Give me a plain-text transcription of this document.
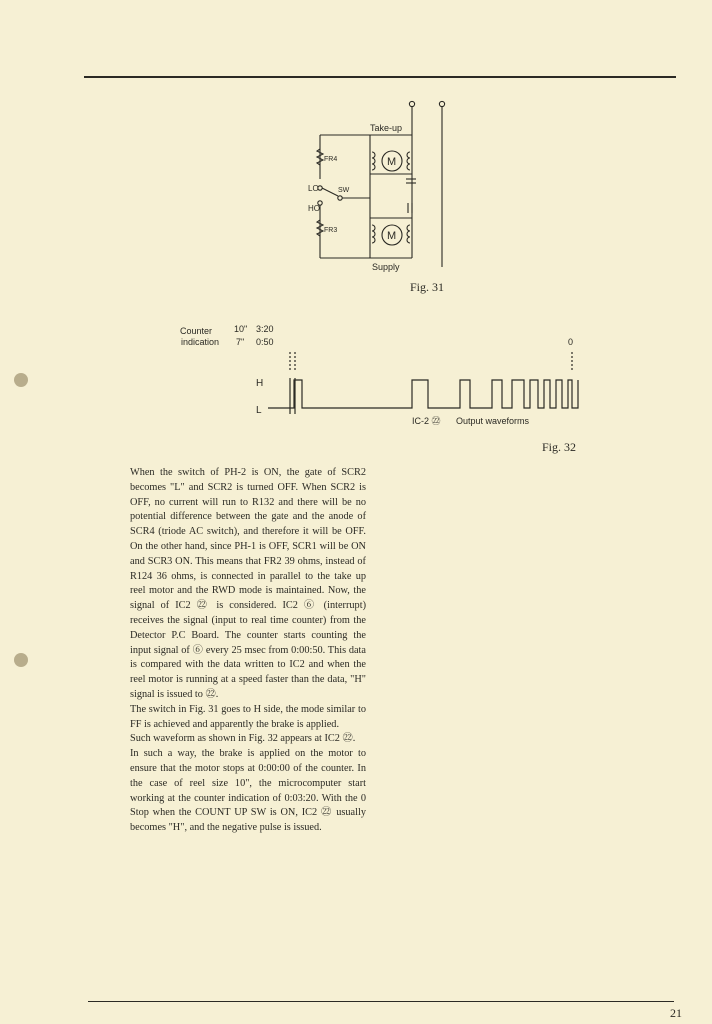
Take-up
FR4
LO	SW
HO
FR3
Supply
M
M
Fig. 31
Counter
indication
10" 3:20
7" 0:50	0
H
L
IC-2 ㉒ Output waveforms
Fig. 32

When the switch of PH-2 is ON, the gate of SCR2 becomes "L" and SCR2 is turned OFF. When SCR2 is OFF, no current will run to R132 and there will be no potential difference between the gate and the anode of SCR4 (triode AC switch), and therefore it will be OFF. On the other hand, since PH-1 is OFF, SCR1 will be ON and SCR3 ON. This means that FR2 39 ohms, instead of R124 36 ohms, is connected in parallel to the take up reel motor and the RWD mode is maintained. Now, the signal of IC2 ㉒ is considered. IC2 ⑥ (interrupt) receives the signal (input to real time counter) from the Detector P.C Board. The counter starts counting the input signal of ⑥ every 25 msec from 0:00:50. This data is compared with the data written to IC2 and when the reel motor is running at a speed faster than the data, "H" signal is issued to ㉒.

The switch in Fig. 31 goes to H side, the mode similar to FF is achieved and apparently the brake is applied.

Such waveform as shown in Fig. 32 appears at IC2 ㉒.

In such a way, the brake is applied on the motor to ensure that the motor stops at 0:00:00 of the counter. In the case of reel size 10", the microcomputer start working at the counter indication of 0:03:20. With the 0 Stop when the COUNT UP SW is ON, IC2 ㉒ usually becomes "H", and the negative pulse is issued.

21
